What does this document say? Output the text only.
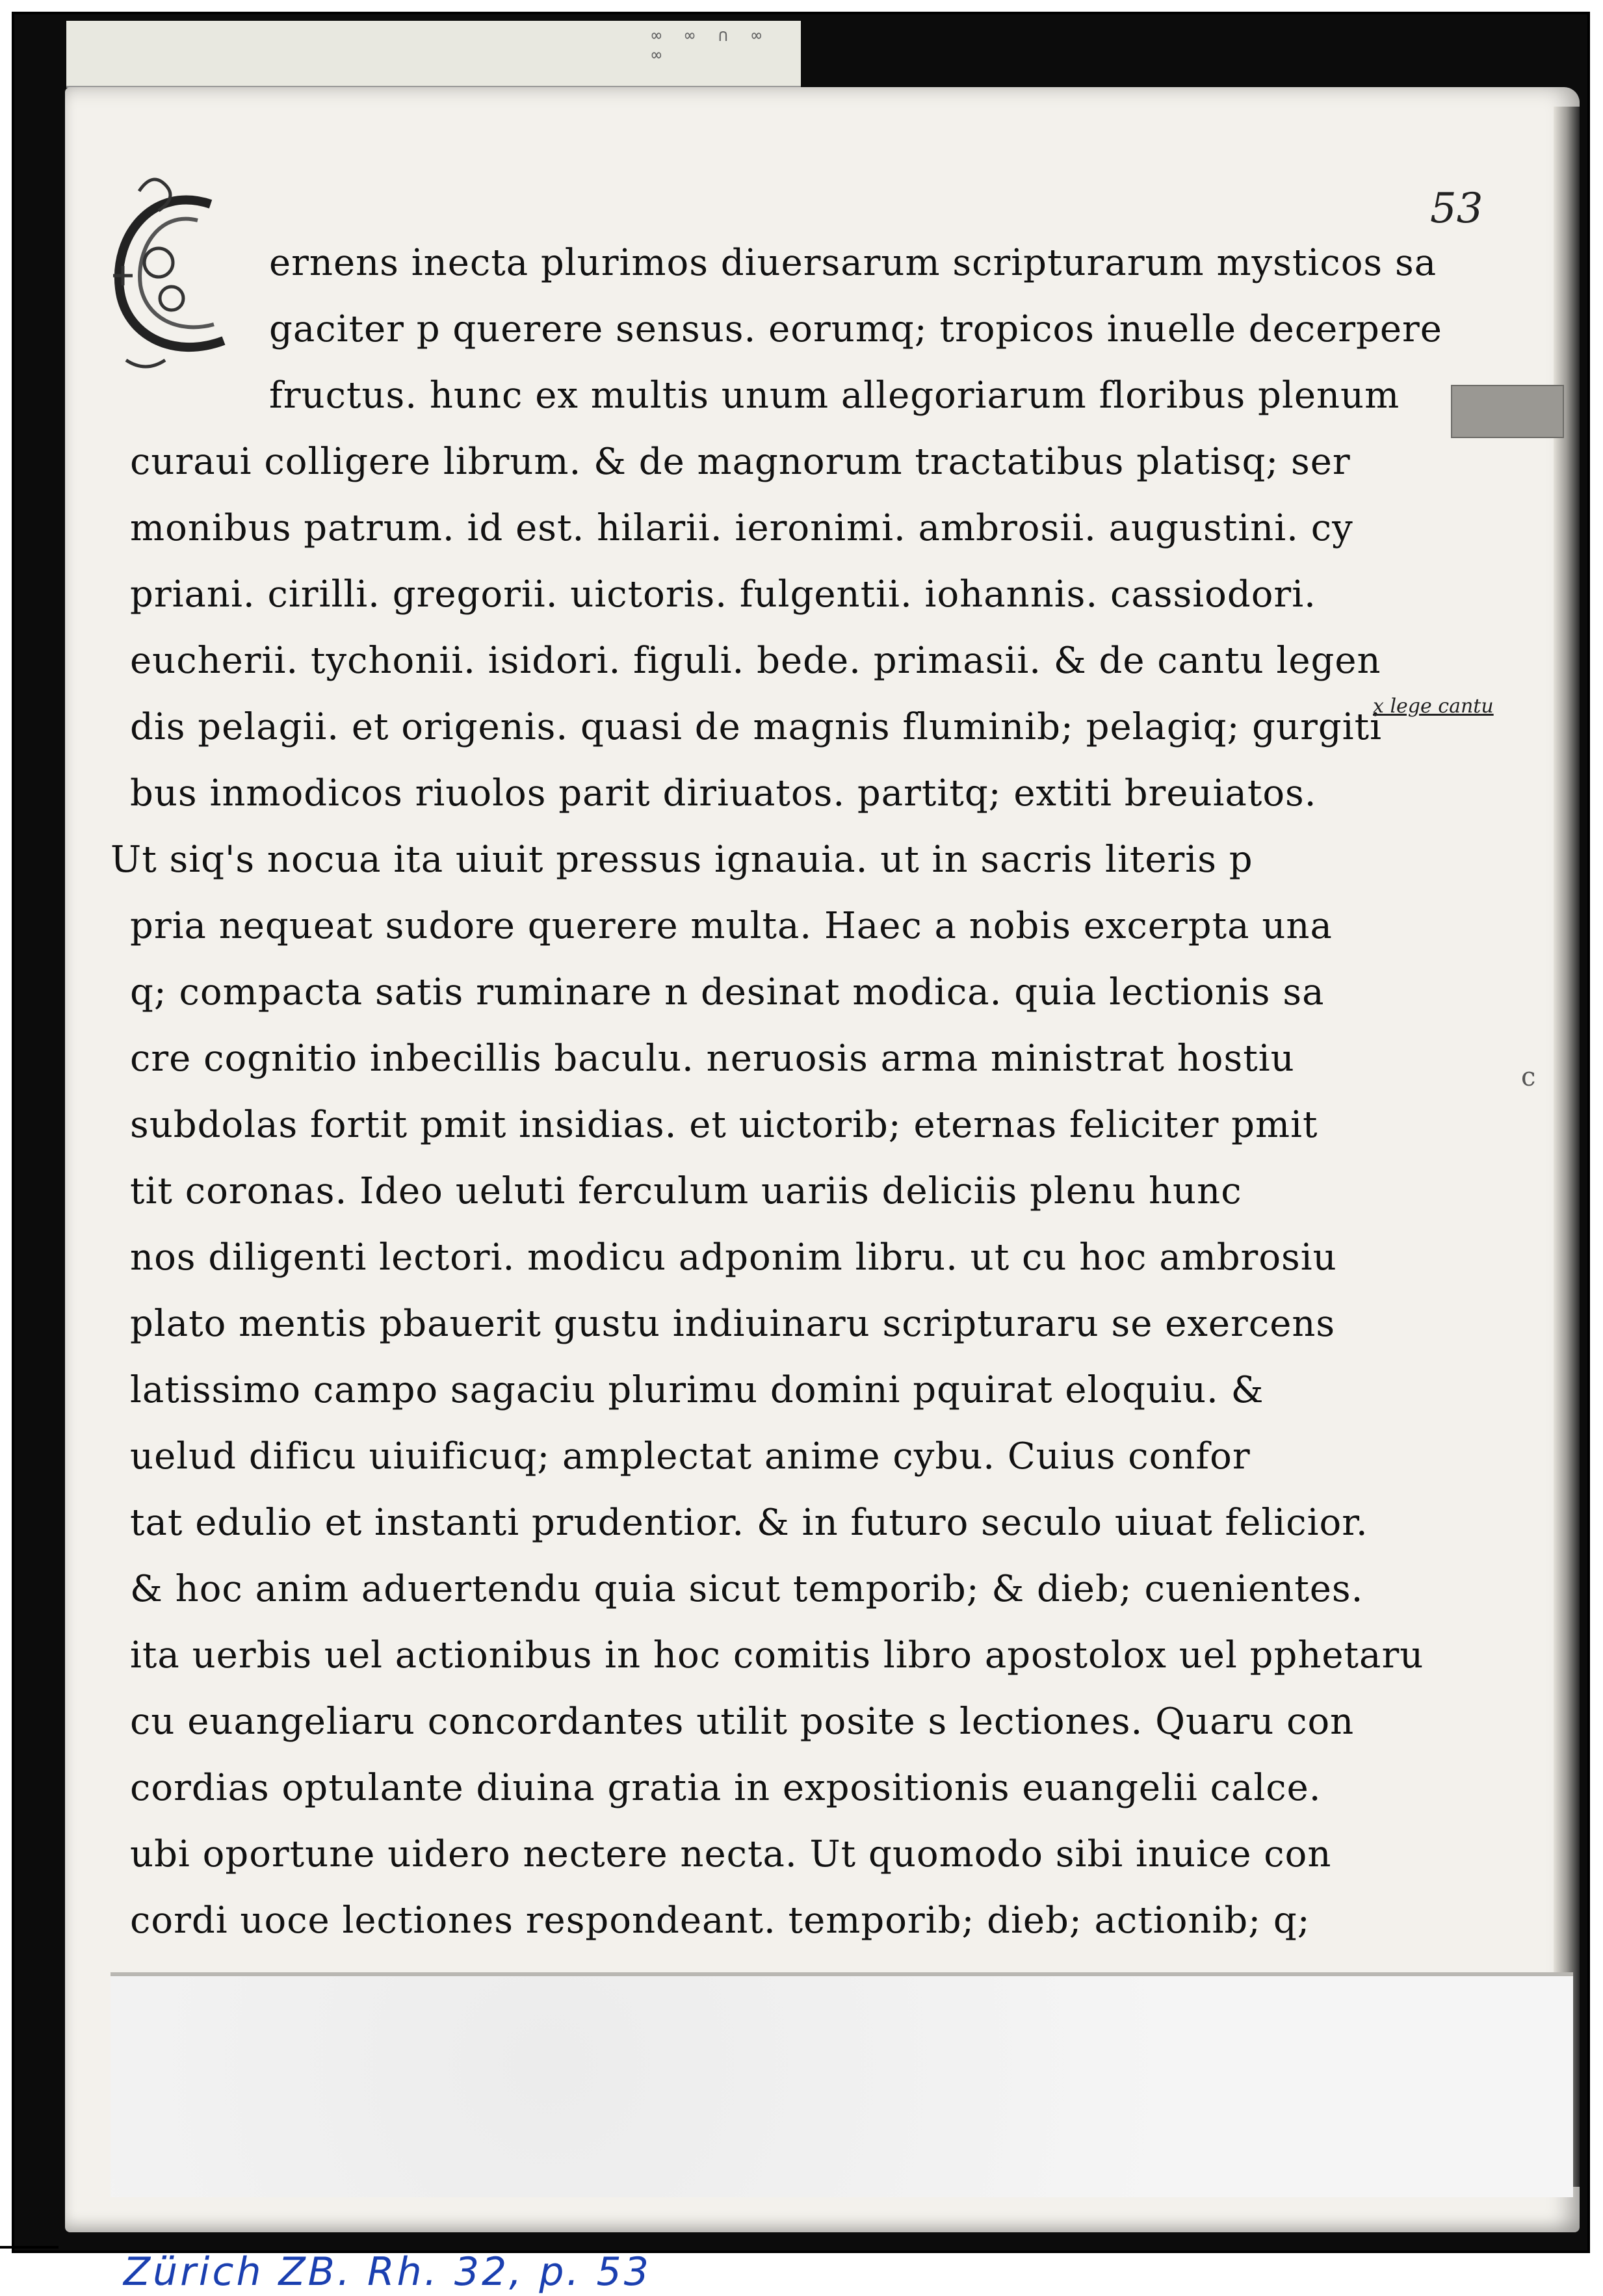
∞ ∞ ∩ ∞ ∞
53
ernens inecta plurimos diuersarum scripturarum mysticos sa
gaciter p querere sensus. eorumq; tropicos inuelle decerpere
fructus. hunc ex multis unum allegoriarum floribus plenum
curaui colligere librum. & de magnorum tractatibus platisq; ser
monibus patrum. id est. hilarii. ieronimi. ambrosii. augustini. cy
priani. cirilli. gregorii. uictoris. fulgentii. iohannis. cassiodori.
eucherii. tychonii. isidori. figuli. bede. primasii. & de cantu legen
dis pelagii. et origenis. quasi de magnis fluminib; pelagiq; gurgiti
bus inmodicos riuolos parit diriuatos. partitq; extiti breuiatos.
Ut siq's nocua ita uiuit pressus ignauia. ut in sacris literis p
pria nequeat sudore querere multa. Haec a nobis excerpta una
q; compacta satis ruminare n desinat modica. quia lectionis sa
cre cognitio inbecillis baculu. neruosis arma ministrat hostiu
subdolas fortit pmit insidias. et uictorib; eternas feliciter pmit
tit coronas. Ideo ueluti ferculum uariis deliciis plenu hunc
nos diligenti lectori. modicu adponim libru. ut cu hoc ambrosiu
plato mentis pbauerit gustu indiuinaru scripturaru se exercens
latissimo campo sagaciu plurimu domini pquirat eloquiu. &
uelud dificu uiuificuq; amplectat anime cybu. Cuius confor
tat edulio et instanti prudentior. & in futuro seculo uiuat felicior.
& hoc anim aduertendu quia sicut temporib; & dieb; cuenientes.
ita uerbis uel actionibus in hoc comitis libro apostolox uel pphetaru
cu euangeliaru concordantes utilit posite s lectiones. Quaru con
cordias optulante diuina gratia in expositionis euangelii calce.
ubi oportune uidero nectere necta. Ut quomodo sibi inuice con
cordi uoce lectiones respondeant. temporib; dieb; actionib; q;
x lege cantu
c
Zürich ZB. Rh. 32, p. 53
